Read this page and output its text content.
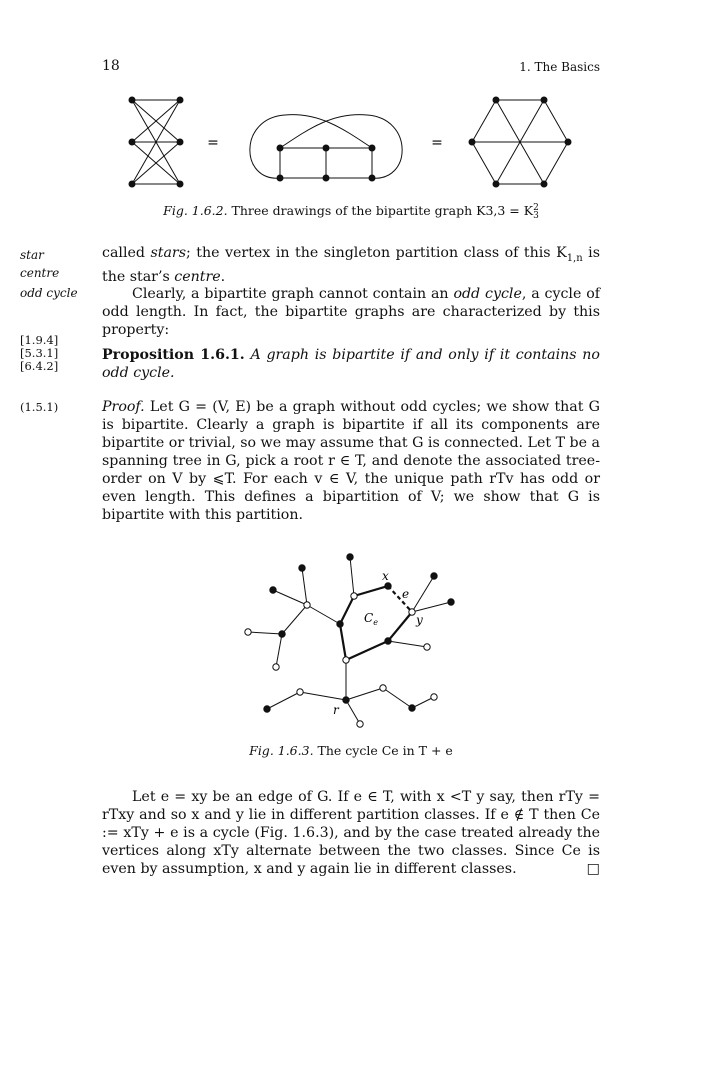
18	1. The Basics
=	=
Fig. 1.6.2. Three drawings of the bipartite graph K3,3 = K 2
3
star
centre
odd cycle
[1.9.4]
[5.3.1]
[6.4.2]
(1.5.1)

called stars; the vertex in the singleton partition class of this $K_{1,n}$ is the star’s centre.

Clearly, a bipartite graph cannot contain an odd cycle, a cycle of odd length. In fact, the bipartite graphs are characterized by this property:

Proposition 1.6.1. A graph is bipartite if and only if it contains no odd cycle.

Proof. Let G = (V, E) be a graph without odd cycles; we show that G is bipartite. Clearly a graph is bipartite if all its components are bipartite or trivial, so we may assume that G is connected. Let T be a spanning tree in G, pick a root r ∈ T, and denote the associated tree-order on V by ⩽T. For each v ∈ V, the unique path rTv has odd or even length. This defines a bipartition of V; we show that G is bipartite with this partition.

x
e
y
r
$C_e$
Fig. 1.6.3. The cycle Ce in T + e

Let e = xy be an edge of G. If e ∈ T, with x <T y say, then rTy = rTxy and so x and y lie in different partition classes. If e ∉ T then Ce := xTy + e is a cycle (Fig. 1.6.3), and by the case treated already the vertices along xTy alternate between the two classes. Since Ce is even by assumption, x and y again lie in different classes.	□
